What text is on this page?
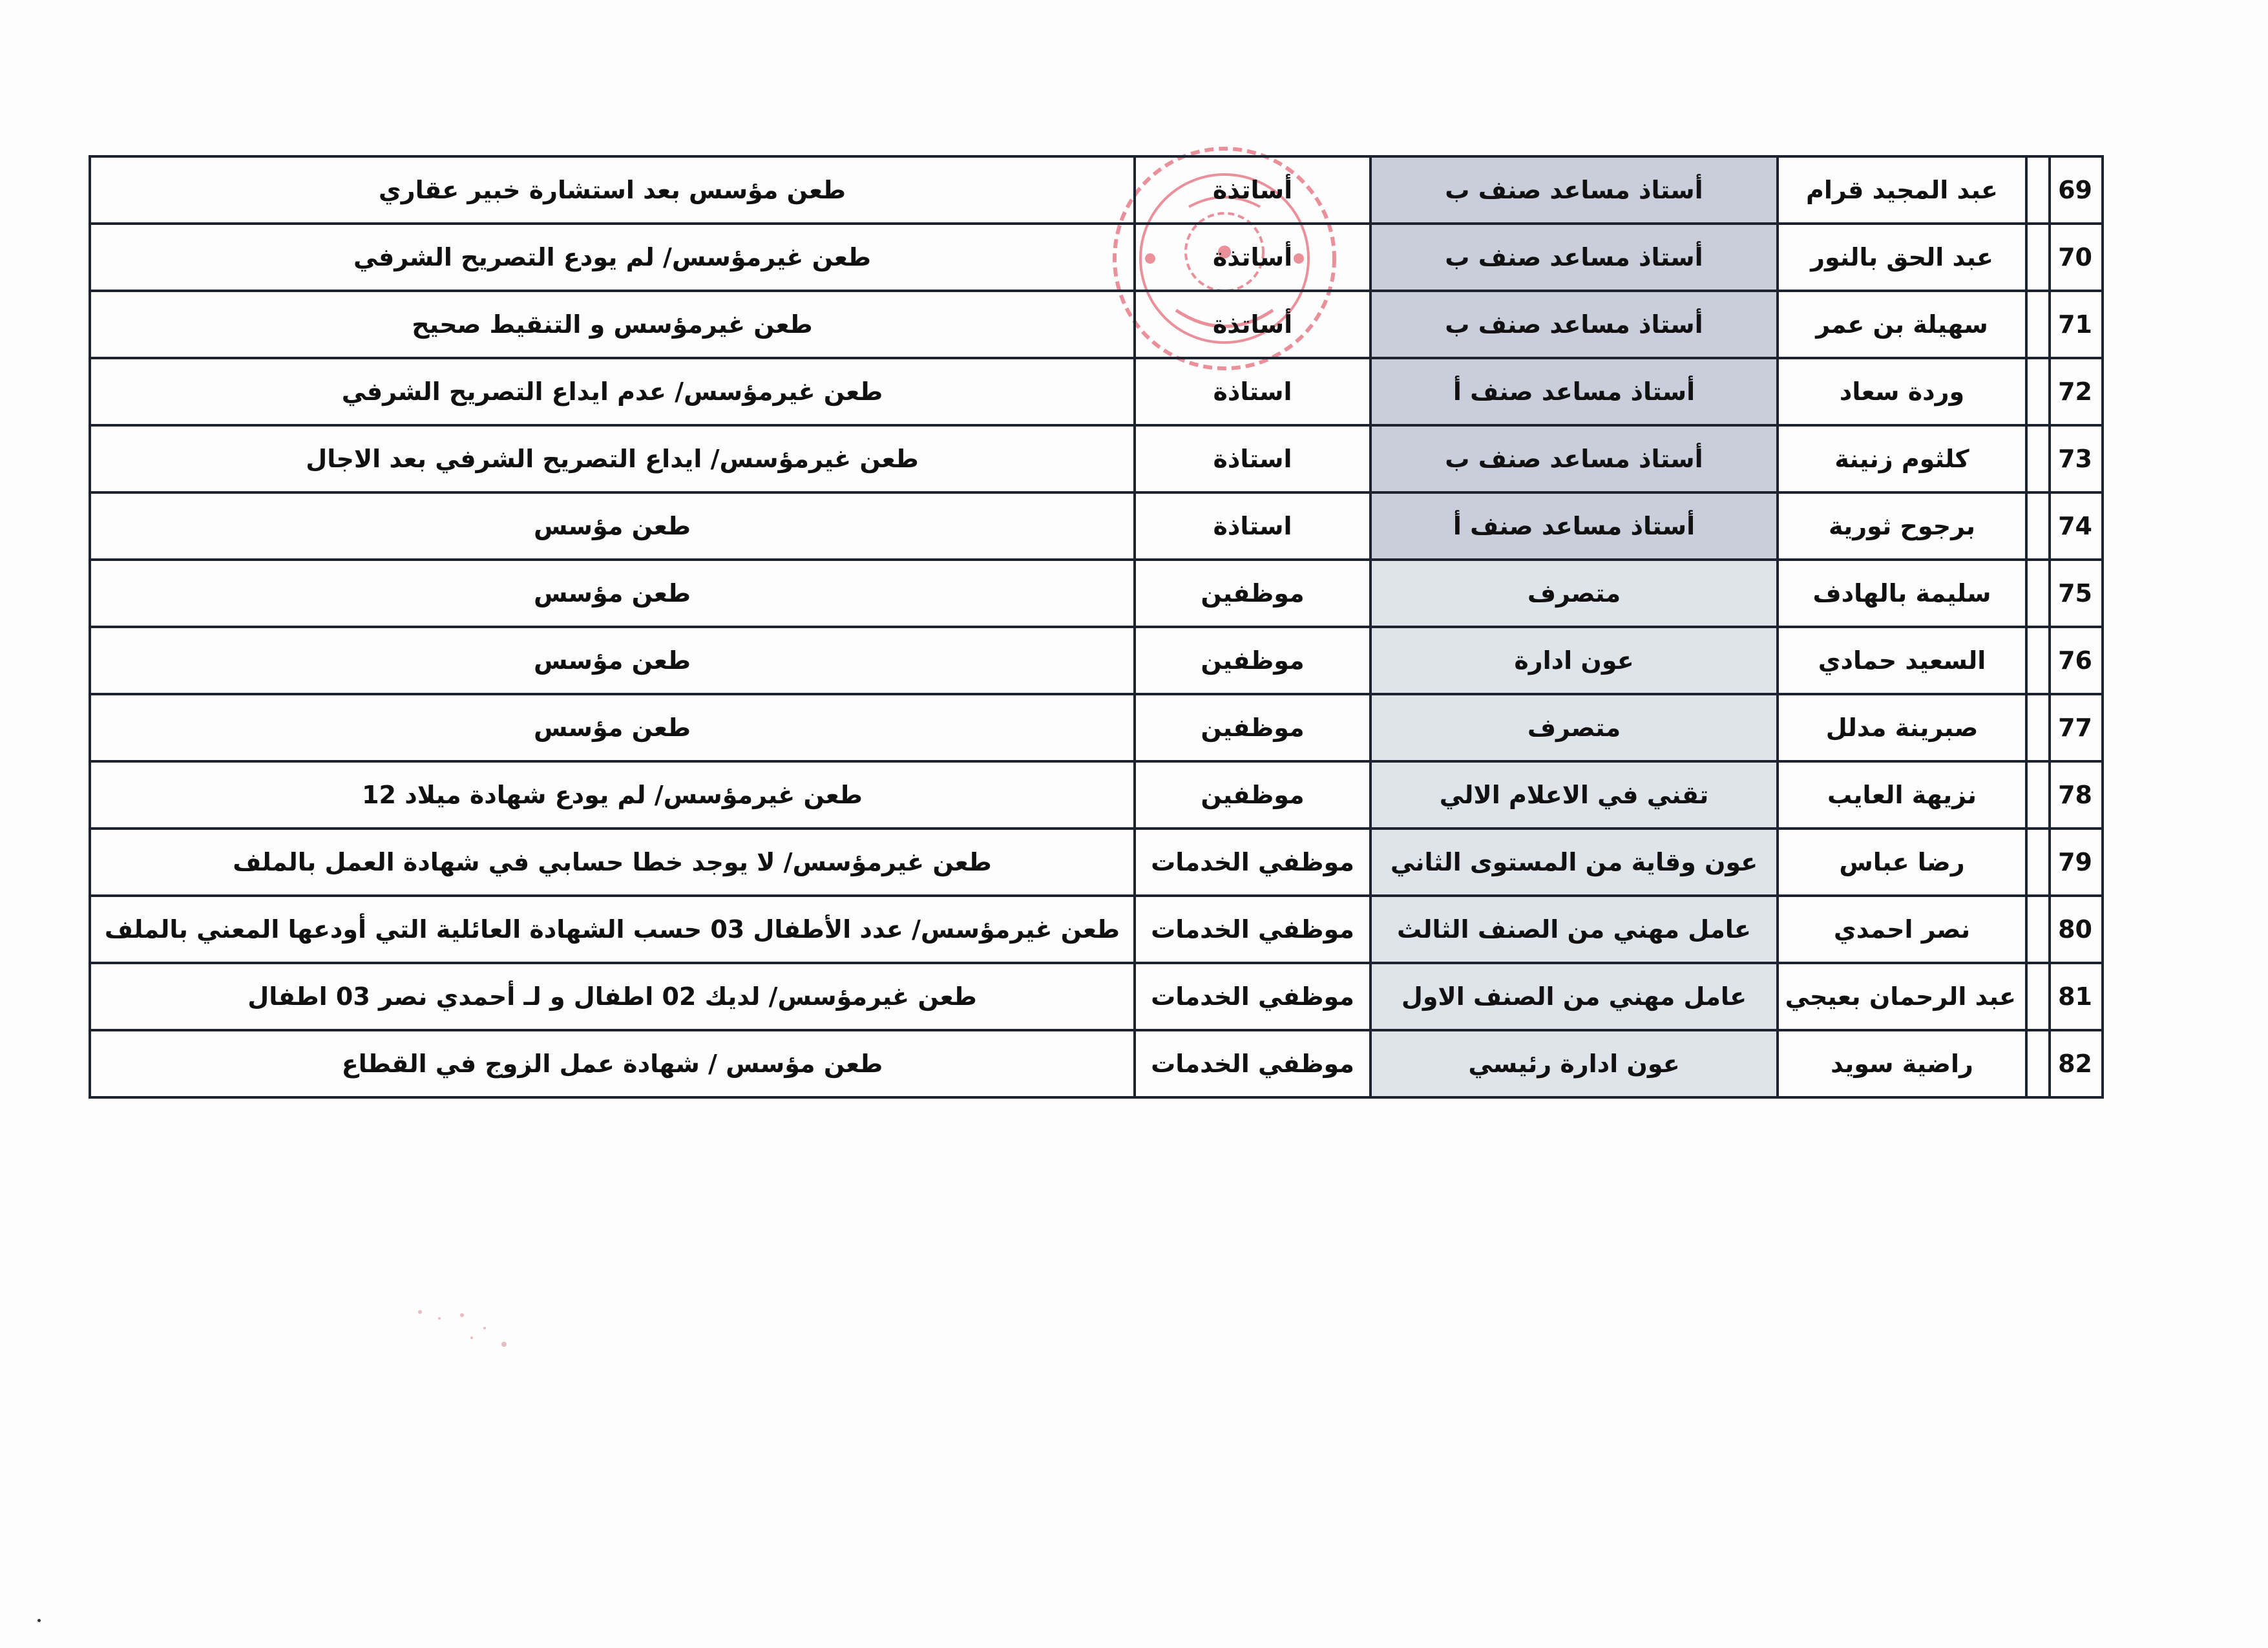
69		عبد المجيد قرام	أستاذ مساعد صنف ب	أساتذة	طعن مؤسس بعد استشارة خبير عقاري
70		عبد الحق بالنور	أستاذ مساعد صنف ب	أساتذة	طعن غيرمؤسس/ لم يودع التصريح الشرفي
71		سهيلة بن عمر	أستاذ مساعد صنف ب	أساتذة	طعن غيرمؤسس و التنقيط صحيح
72		وردة سعاد	أستاذ مساعد صنف أ	استاذة	طعن غيرمؤسس/ عدم ايداع التصريح الشرفي
73		كلثوم زنينة	أستاذ مساعد صنف ب	استاذة	طعن غيرمؤسس/ ايداع التصريح الشرفي بعد الاجال
74		برجوح ثورية	أستاذ مساعد صنف أ	استاذة	طعن مؤسس
75		سليمة بالهادف	متصرف	موظفين	طعن مؤسس
76		السعيد حمادي	عون ادارة	موظفين	طعن مؤسس
77		صبرينة مدلل	متصرف	موظفين	طعن مؤسس
78		نزيهة العايب	تقني في الاعلام الالي	موظفين	طعن غيرمؤسس/ لم يودع شهادة ميلاد 12
79		رضا عباس	عون وقاية من المستوى الثاني	موظفي الخدمات	طعن غيرمؤسس/ لا يوجد خطا حسابي في شهادة العمل بالملف
80		نصر احمدي	عامل مهني من الصنف الثالث	موظفي الخدمات	طعن غيرمؤسس/ عدد الأطفال 03 حسب الشهادة العائلية التي أودعها المعني بالملف
81		عبد الرحمان بعيجي	عامل مهني من الصنف الاول	موظفي الخدمات	طعن غيرمؤسس/ لديك 02 اطفال و لـ أحمدي نصر 03 اطفال
82		راضية سويد	عون ادارة رئيسي	موظفي الخدمات	طعن مؤسس / شهادة عمل الزوج في القطاع
